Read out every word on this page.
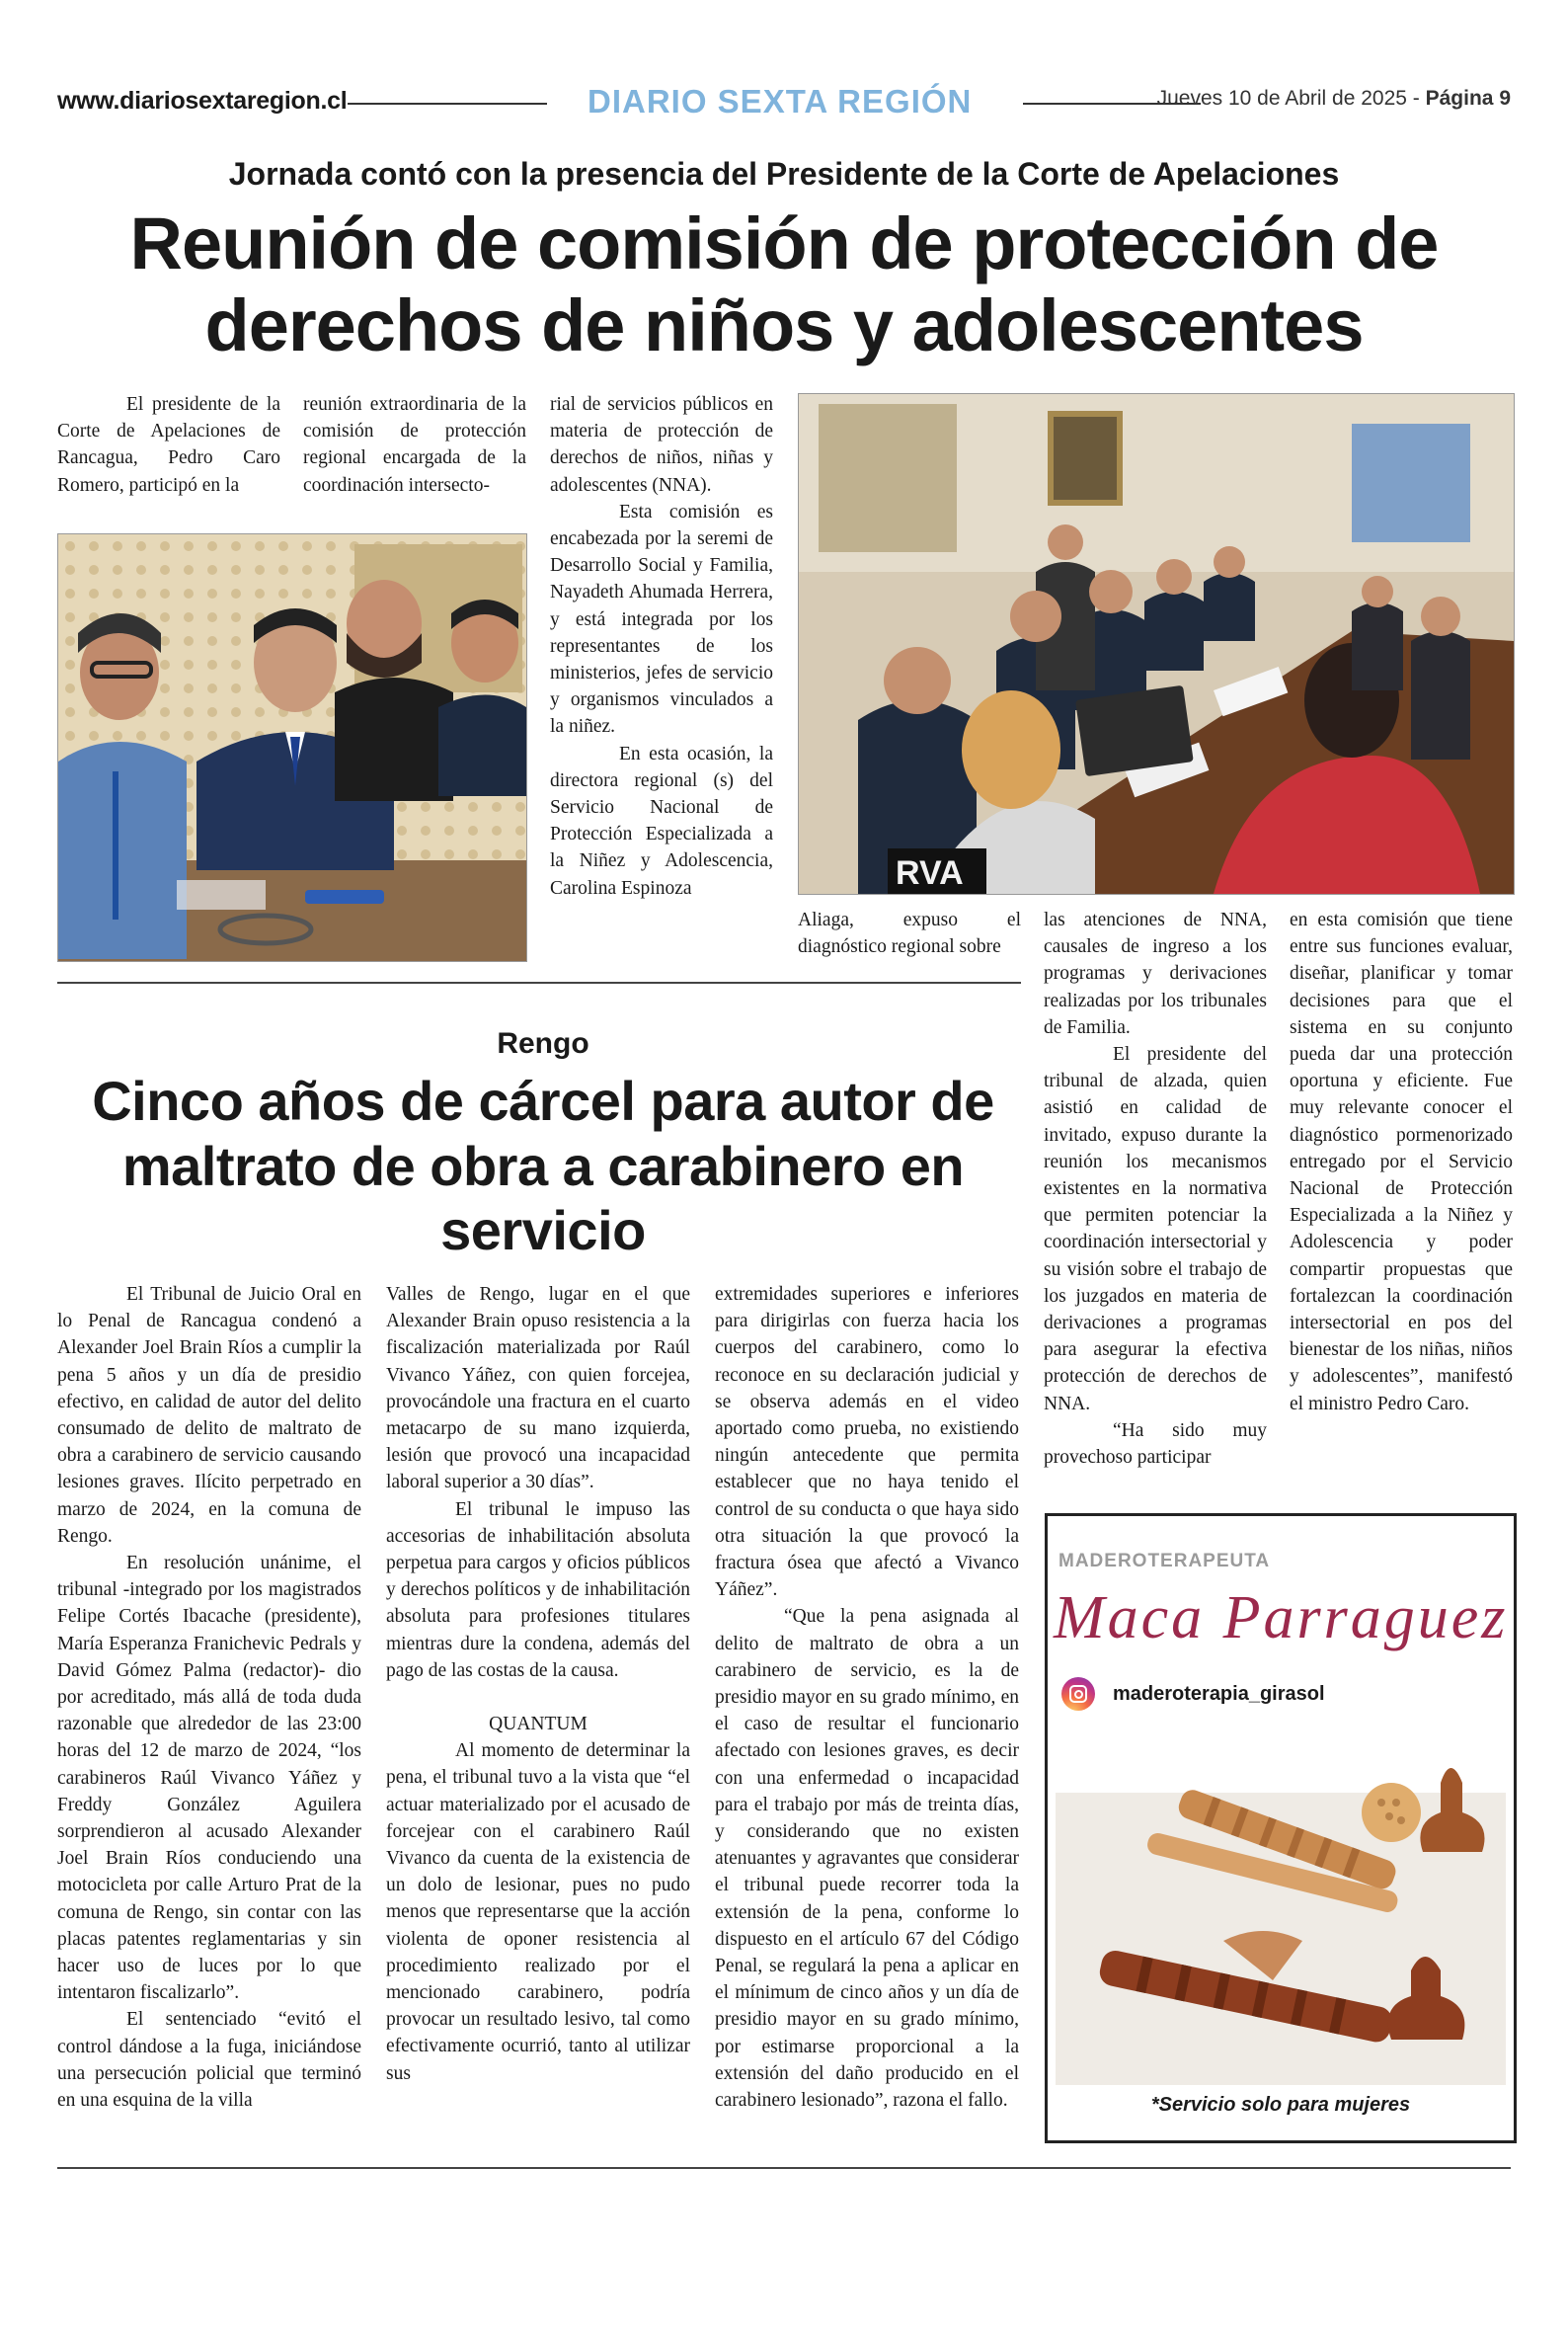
www.diariosextaregion.cl	DIARIO SEXTA REGIÓN	Jueves 10 de Abril de 2025 - Página 9
Jornada contó con la presencia del Presidente de la Corte de Apelaciones
Reunión de comisión de protección de derechos de niños y adolescentes

El presidente de la Corte de Apelaciones de Rancagua, Pedro Caro Romero, participó en la

reunión extraordinaria de la comisión de protección regional encargada de la coordinación intersecto-

rial de servicios públicos en materia de protección de derechos de niños, niñas y adolescentes (NNA).

Esta comisión es encabezada por la seremi de Desarrollo Social y Familia, Nayadeth Ahumada Herrera, y está integrada por los representantes de los ministerios, jefes de servicio y organismos vinculados a la niñez.

En esta ocasión, la directora regional (s) del Servicio Nacional de Protección Especializada a la Niñez y Adolescencia, Carolina Espinoza

Aliaga, expuso el diagnóstico regional sobre

las atenciones de NNA, causales de ingreso a los programas y derivaciones realizadas por los tribunales de Familia.

El presidente del tribunal de alzada, quien asistió en calidad de invitado, expuso durante la reunión los mecanismos existentes en la normativa que permiten potenciar la coordinación intersectorial y su visión sobre el trabajo de los juzgados en materia de derivaciones a programas para asegurar la efectiva protección de derechos de NNA.

“Ha sido muy provechoso participar

en esta comisión que tiene entre sus funciones evaluar, diseñar, planificar y tomar decisiones para que el sistema en su conjunto pueda dar una protección oportuna y eficiente. Fue muy relevante conocer el diagnóstico pormenorizado entregado por el Servicio Nacional de Protección Especializada a la Niñez y Adolescencia y poder compartir propuestas que fortalezcan la coordinación intersectorial en pos del bienestar de los niñas, niños y adolescentes”, manifestó el ministro Pedro Caro.

RVA
Rengo
Cinco años de cárcel para autor de maltrato de obra a carabinero en servicio

El Tribunal de Juicio Oral en lo Penal de Rancagua condenó a Alexander Joel Brain Ríos a cumplir la pena 5 años y un día de presidio efectivo, en calidad de autor del delito consumado de delito de maltrato de obra a carabinero de servicio causando lesiones graves. Ilícito perpetrado en marzo de 2024, en la comuna de Rengo.

En resolución unánime, el tribunal -integrado por los magistrados Felipe Cortés Ibacache (presidente), María Esperanza Franichevic Pedrals y David Gómez Palma (redactor)- dio por acreditado, más allá de toda duda razonable que alrededor de las 23:00 horas del 12 de marzo de 2024, “los carabineros Raúl Vivanco Yáñez y Freddy González Aguilera sorprendieron al acusado Alexander Joel Brain Ríos conduciendo una motocicleta por calle Arturo Prat de la comuna de Rengo, sin contar con las placas patentes reglamentarias y sin hacer uso de luces por lo que intentaron fiscalizarlo”.

El sentenciado “evitó el control dándose a la fuga, iniciándose una persecución policial que terminó en una esquina de la villa

Valles de Rengo, lugar en el que Alexander Brain opuso resistencia a la fiscalización materializada por Raúl Vivanco Yáñez, con quien forcejea, provocándole una fractura en el cuarto metacarpo de su mano izquierda, lesión que provocó una incapacidad laboral superior a 30 días”.

El tribunal le impuso las accesorias de inhabilitación absoluta perpetua para cargos y oficios públicos y derechos políticos y de inhabilitación absoluta para profesiones titulares mientras dure la condena, además del pago de las costas de la causa.

QUANTUM

Al momento de determinar la pena, el tribunal tuvo a la vista que “el actuar materializado por el acusado de forcejear con el carabinero Raúl Vivanco da cuenta de la existencia de un dolo de lesionar, pues no pudo menos que representarse que la acción violenta de oponer resistencia al procedimiento realizado por el mencionado carabinero, podría provocar un resultado lesivo, tal como efectivamente ocurrió, tanto al utilizar sus

extremidades superiores e inferiores para dirigirlas con fuerza hacia los cuerpos del carabinero, como lo reconoce en su declaración judicial y se observa además en el video aportado como prueba, no existiendo ningún antecedente que permita establecer que no haya tenido el control de su conducta o que haya sido otra situación la que provocó la fractura ósea que afectó a Vivanco Yáñez”.

“Que la pena asignada al delito de maltrato de obra a un carabinero de servicio, es la de presidio mayor en su grado mínimo, en el caso de resultar el funcionario afectado con lesiones graves, es decir con una enfermedad o incapacidad para el trabajo por más de treinta días, y considerando que no existen atenuantes y agravantes que considerar el tribunal puede recorrer toda la extensión de la pena, conforme lo dispuesto en el artículo 67 del Código Penal, se regulará la pena a aplicar en el mínimum de cinco años y un día de presidio mayor en su grado mínimo, por estimarse proporcional a la extensión del daño producido en el carabinero lesionado”, razona el fallo.

MADEROTERAPEUTA
Maca Parraguez
maderoterapia_girasol
*Servicio solo para mujeres
